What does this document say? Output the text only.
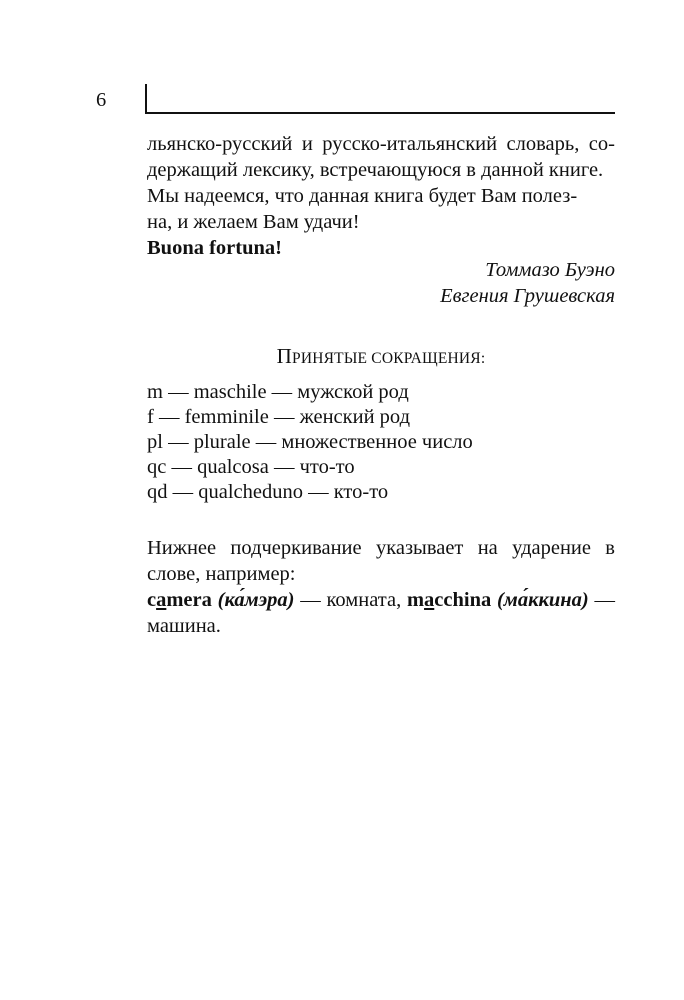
6
льянско-русский и русско-итальянский словарь, со-
держащий лексику, встречающуюся в данной книге.
Мы надеемся, что данная книга будет Вам полез-
на, и желаем Вам удачи!
Buona fortuna!
Томмазо Буэно
Евгения Грушевская
ПРИНЯТЫЕ СОКРАЩЕНИЯ:
m — maschile — мужской род
f — femminile — женский род
pl — plurale — множественное число
qc — qualcosa — что-то
qd — qualcheduno — кто-то
Нижнее подчеркивание указывает на ударение в
слове, например:
camera (ка́мэра) — комната, macchina (ма́ккина) —
машина.
